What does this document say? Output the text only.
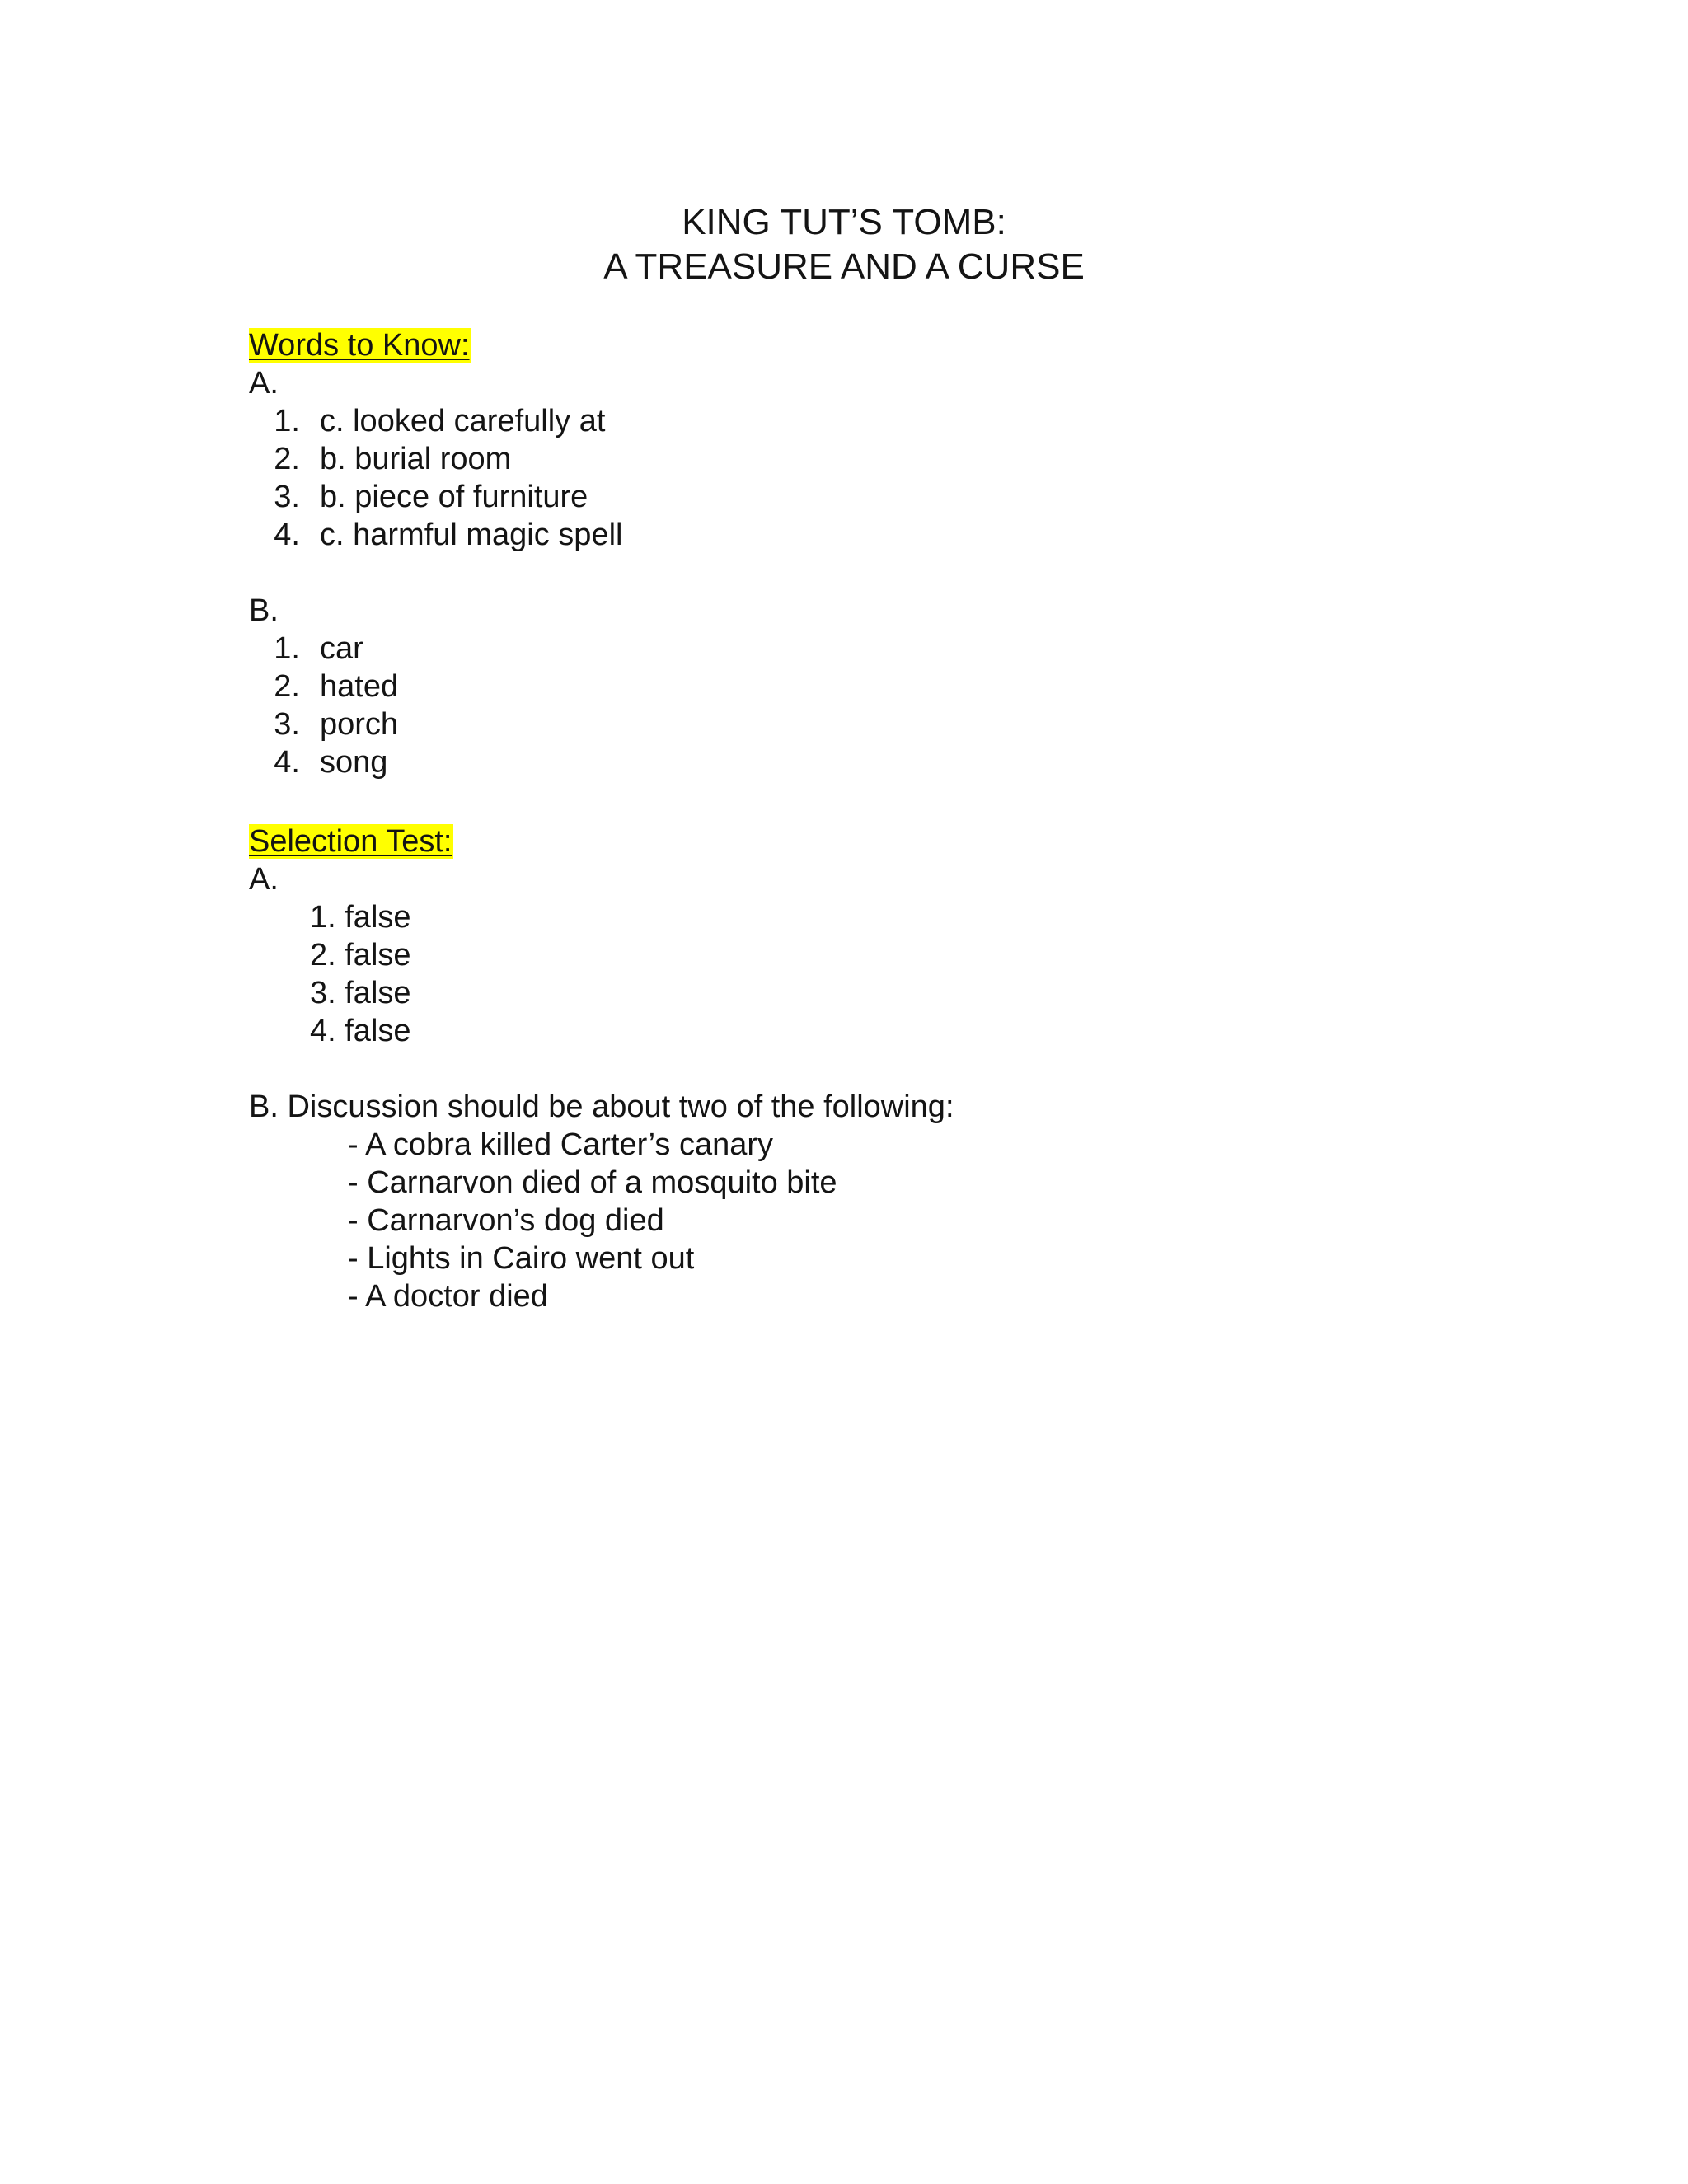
KING TUT’S TOMB:
A TREASURE AND A CURSE
Words to Know:
A.
1. c. looked carefully at
2. b. burial room
3. b. piece of furniture
4. c. harmful magic spell
B.
1. car
2. hated
3. porch
4. song
Selection Test:
A.
1. false
2. false
3. false
4. false
B. Discussion should be about two of the following:
- A cobra killed Carter’s canary
- Carnarvon died of a mosquito bite
- Carnarvon’s dog died
- Lights in Cairo went out
- A doctor died
